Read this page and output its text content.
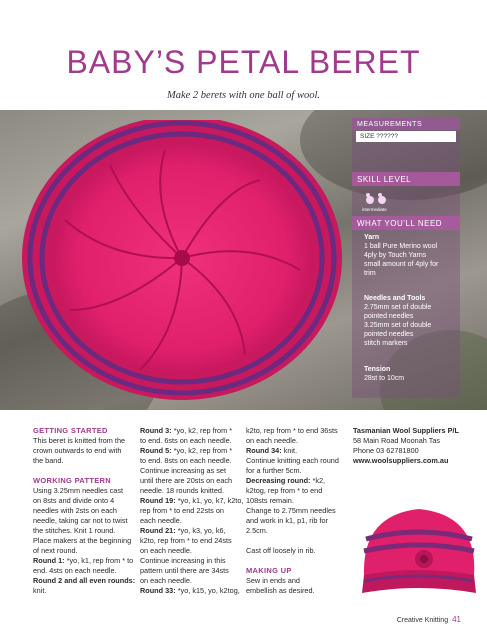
BABY’S PETAL BERET
Make 2 berets with one ball of wool.
MEASUREMENTS
SIZE ??????
SKILL LEVEL
intermediate
WHAT YOU’LL NEED
Yarn
1 ball Pure Merino wool
4ply by Touch Yarns
small amount of 4ply for
trim
Needles and Tools
2.75mm set of double
pointed needles
3.25mm set of double
pointed needles
stitch markers
Tension
28st to 10cm
GETTING STARTED
This beret is knitted from the
crown outwards to end with
the band.
WORKING PATTERN
Using 3.25mm needles cast
on 8sts and divide onto 4
needles with 2sts on each
needle, taking car not to twist
the stitches. Knit 1 round.
Place makers at the beginning
of next round.
Round 1: *yo, k1, rep from * to
end. 4sts on each needle.
Round 2 and all even rounds:
knit.
Round 3: *yo, k2, rep from *
to end. 6sts on each needle.
Round 5: *yo, k2, rep from *
to end. 8sts on each needle.
Continue increasing as set
until there are 20sts on each
needle. 18 rounds knitted.
Round 19: *yo, k1, yo, k7, k2to,
rep from * to end 22sts on
each needle.
Round 21: *yo, k3, yo, k6,
k2to, rep from * to end 24sts
on each needle.
Continue increasing in this
pattern until there are 34sts
on each needle.
Round 33: *yo, k15, yo, k2tog,
k2to, rep from * to end 36sts
on each needle.
Round 34: knit.
Continue knitting each round
for a further 5cm.
Decreasing round: *k2,
k2tog, rep from * to end
108sts remain.
Change to 2.75mm needles
and work in k1, p1, rib for
2.5cm.
Cast off loosely in rib.
MAKING UP
Sew in ends and
embellish as desired.
Tasmanian Wool Suppliers P/L
58 Main Road Moonah Tas
Phone 03 62781800
www.woolsuppliers.com.au
Creative Knitting 41
